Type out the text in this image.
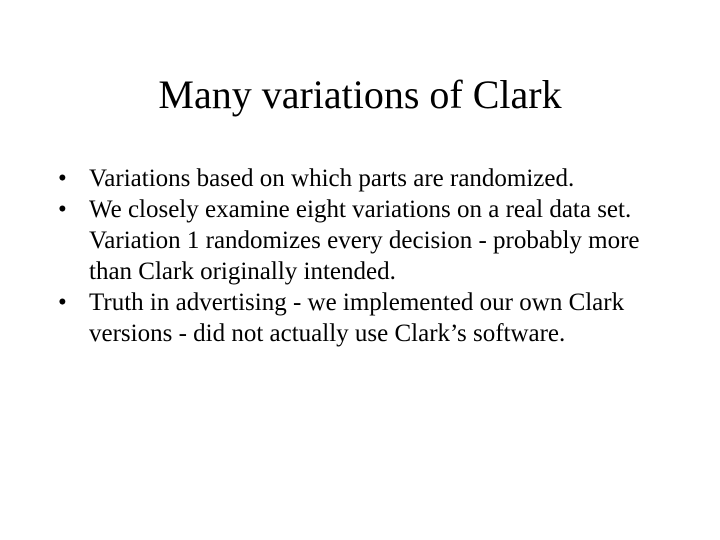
Many variations of Clark
• Variations based on which parts are randomized.
• We closely examine eight variations on a real data set. Variation 1 randomizes every decision - probably more than Clark originally intended.
• Truth in advertising - we implemented our own Clark versions - did not actually use Clark’s software.
